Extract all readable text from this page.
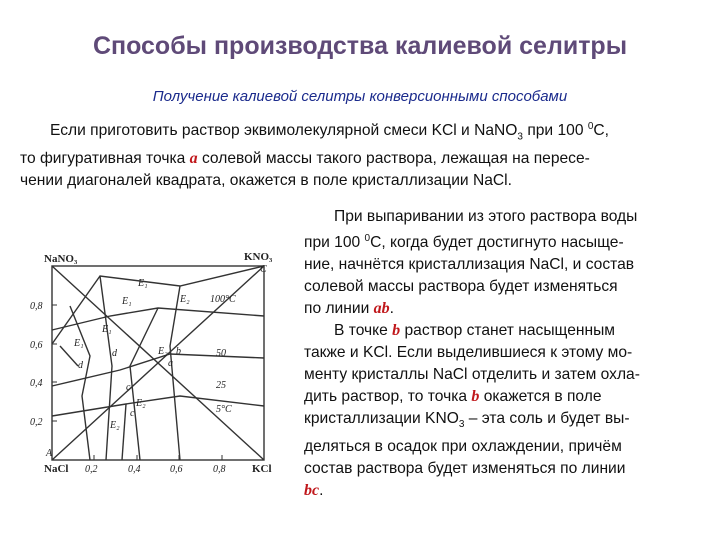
Способы производства калиевой селитры
Получение калиевой селитры конверсионными способами

Если приготовить раствор эквимолекулярной смеси KCl и NaNO$_3$ при 100 $^0$С,

то фигуративная точка a солевой массы такого раствора, лежащая на пересе-

чении диагоналей квадрата, окажется в поле кристаллизации NaCl.

При выпаривании из этого раствора воды

при 100 $^0$С, когда будет достигнуто насыще-

ние, начнётся кристаллизация NaCl, и состав

солевой массы раствора будет изменяться

по линии ab.

В точке b раствор станет насыщенным

также и KCl. Если выделившиеся к этому мо-

менту кристаллы NaCl отделить и затем охла-

дить раствор, то точка b окажется в поле

кристаллизации $KNO_3$ – эта соль и будет вы-

деляться в осадок при охлаждении, причём

состав раствора будет изменяться по линии

bc.

NaNO₃	KNO₃
C
NaCl
A
KCl
0,8
0,6
0,4
0,2
0,2	0,4	0,6	0,8
100°C
50
25
5°C
E₁
E₁
E₁
E₁
E₂
E₂
E₂
E₂
a
b
c
d
d
c
